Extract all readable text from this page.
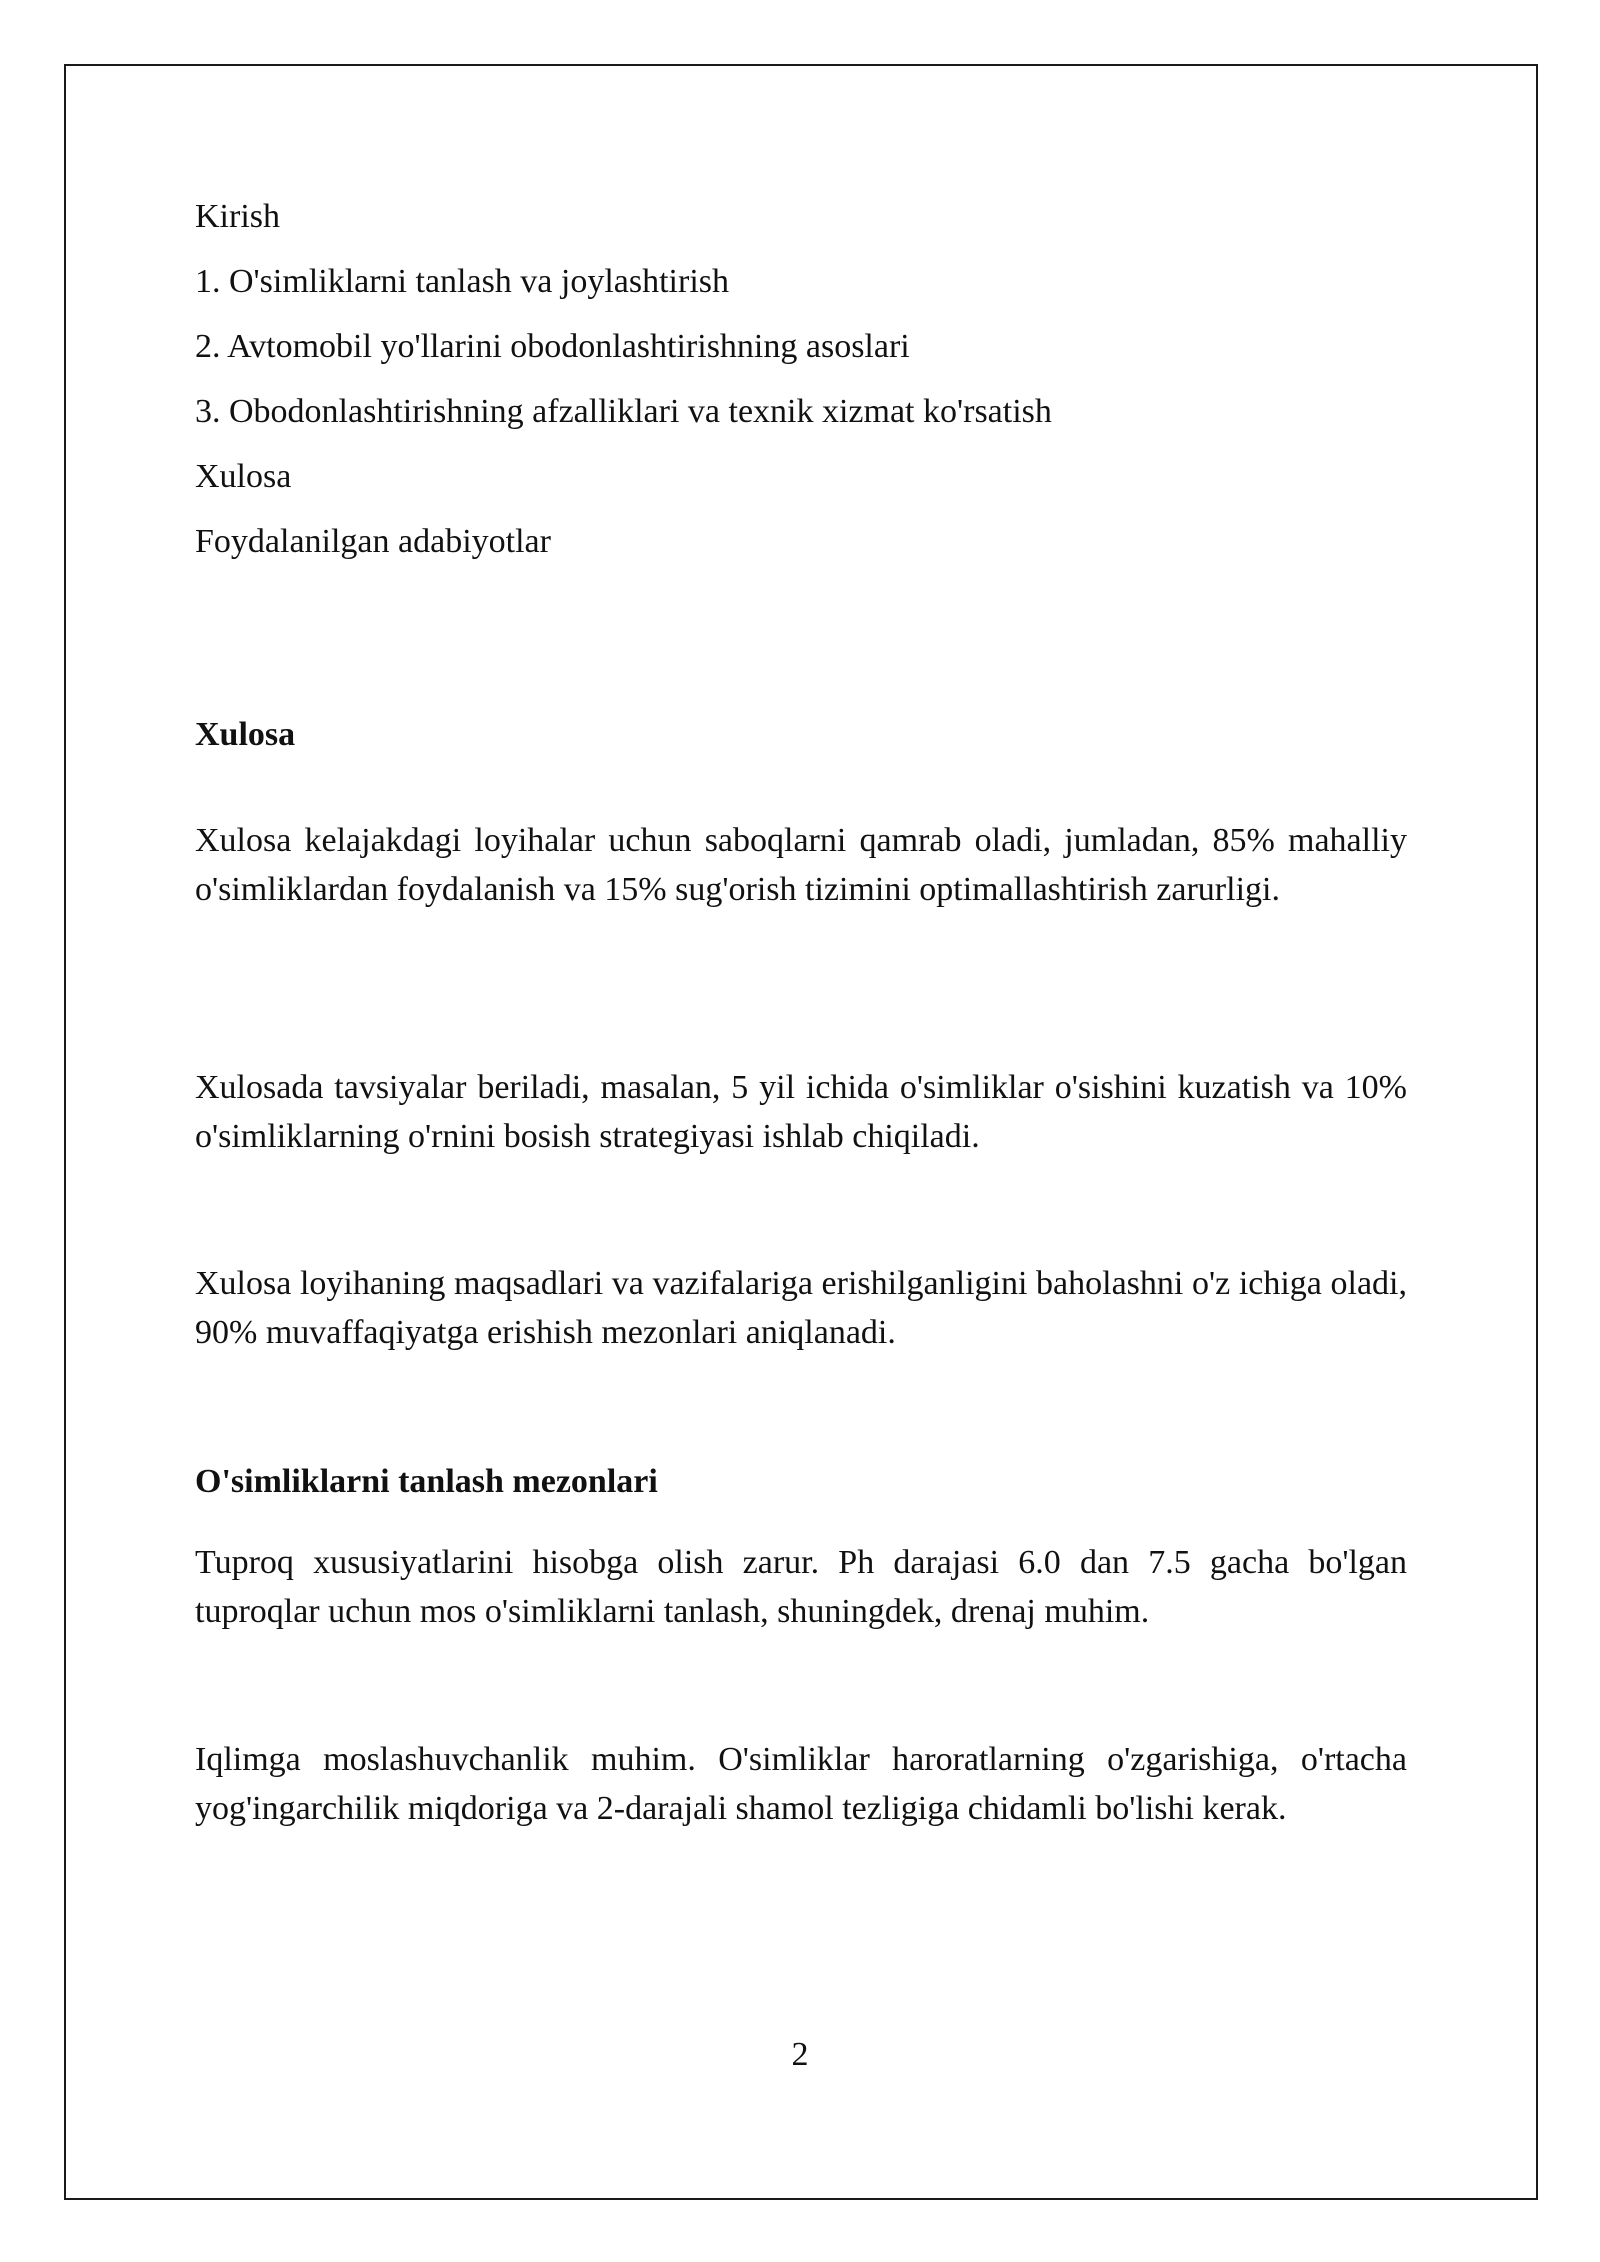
Kirish
1. O'simliklarni tanlash va joylashtirish
2. Avtomobil yo'llarini obodonlashtirishning asoslari
3. Obodonlashtirishning afzalliklari va texnik xizmat ko'rsatish
Xulosa
Foydalanilgan adabiyotlar
Xulosa
Xulosa kelajakdagi loyihalar uchun saboqlarni qamrab oladi, jumladan, 85% mahalliy o'simliklardan foydalanish va 15% sug'orish tizimini optimallashtirish zarurligi.
Xulosada tavsiyalar beriladi, masalan, 5 yil ichida o'simliklar o'sishini kuzatish va 10% o'simliklarning o'rnini bosish strategiyasi ishlab chiqiladi.
Xulosa loyihaning maqsadlari va vazifalariga erishilganligini baholashni o'z ichiga oladi, 90% muvaffaqiyatga erishish mezonlari aniqlanadi.
O'simliklarni tanlash mezonlari
Tuproq xususiyatlarini hisobga olish zarur. Ph darajasi 6.0 dan 7.5 gacha bo'lgan tuproqlar uchun mos o'simliklarni tanlash, shuningdek, drenaj muhim.
Iqlimga moslashuvchanlik muhim. O'simliklar haroratlarning o'zgarishiga, o'rtacha yog'ingarchilik miqdoriga va 2-darajali shamol tezligiga chidamli bo'lishi kerak.
2
